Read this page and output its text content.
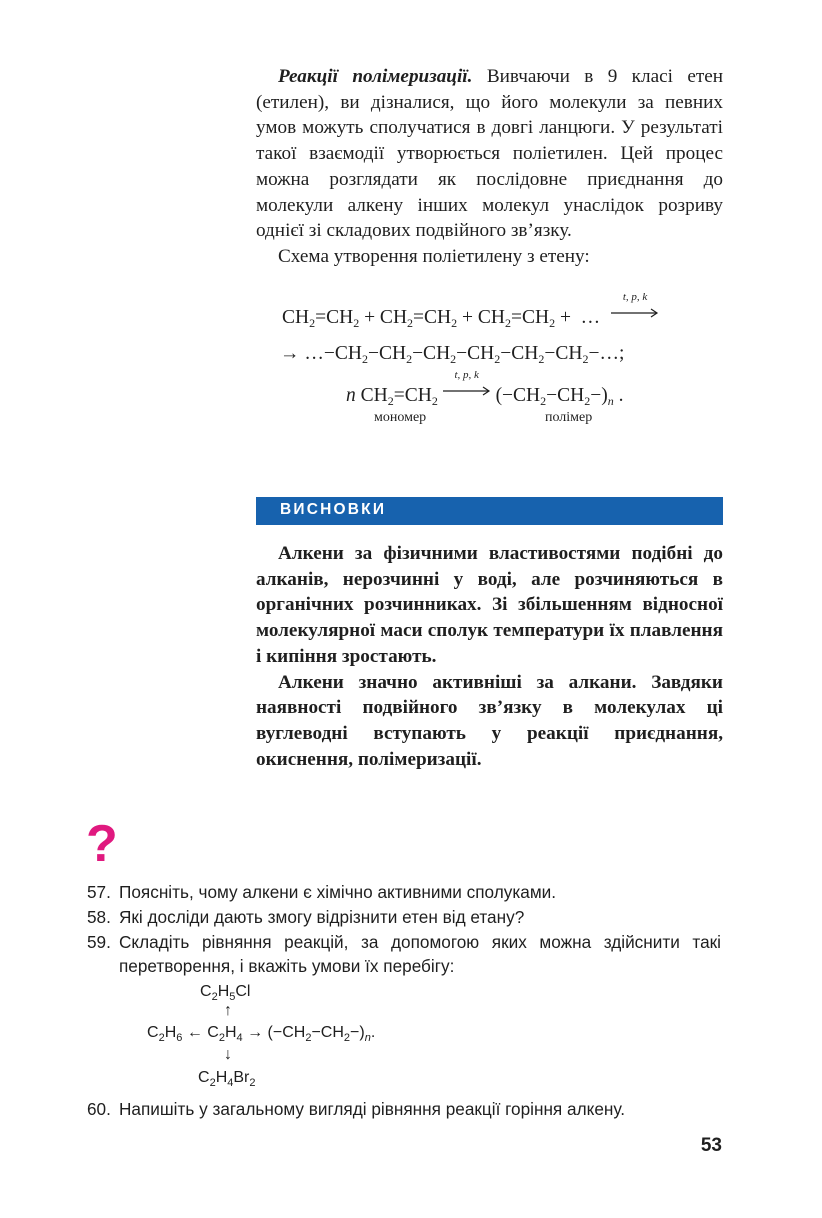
Реакції полімеризації. Вивчаючи в 9 класі етен (етилен), ви дізналися, що його молекули за певних умов можуть сполучатися в довгі ланцюги. У результаті такої взаємодії утворюється поліетилен. Цей процес можна розглядати як послідовне приєднання до молекули алкену інших молекул унаслідок розриву однієї зі складових подвійного зв’язку.

Схема утворення поліетилену з етену:

$CH_2=CH_2 + CH_2=CH_2 + CH_2=CH_2$ +  …
t, p, k
→ $\dots-CH_2-CH_2-CH_2-CH_2-CH_2-CH_2-\dots$;
n $CH_2=CH_2$
t, p, k
$(-CH_2-CH_2-)_n$ .
мономер	полімер
ВИСНОВКИ

Алкени за фізичними властивостями подібні до алканів, нерозчинні у воді, але розчиняються в органічних розчинниках. Зі збільшенням відносної молекулярної маси сполук температури їх плавлення і кипіння зростають.

Алкени значно активніші за алкани. Завдяки наявності подвійного зв’язку в молекулах ці вуглеводні вступають у реакції приєднання, окиснення, полімеризації.

?
57. Поясніть, чому алкени є хімічно активними сполуками.
58. Які досліди дають змогу відрізнити етен від етану?
59. Складіть рівняння реакцій, за допомогою яких можна здійснити такі перетворення, і вкажіть умови їх перебігу:
$C_2H_5Cl$
↑
$C_2H_6$ ← $C_2H_4 \to (-CH_2-CH_2-)_n$.
↓
$C_2H_4Br_2$
60. Напишіть у загальному вигляді рівняння реакції горіння алкену.
53
